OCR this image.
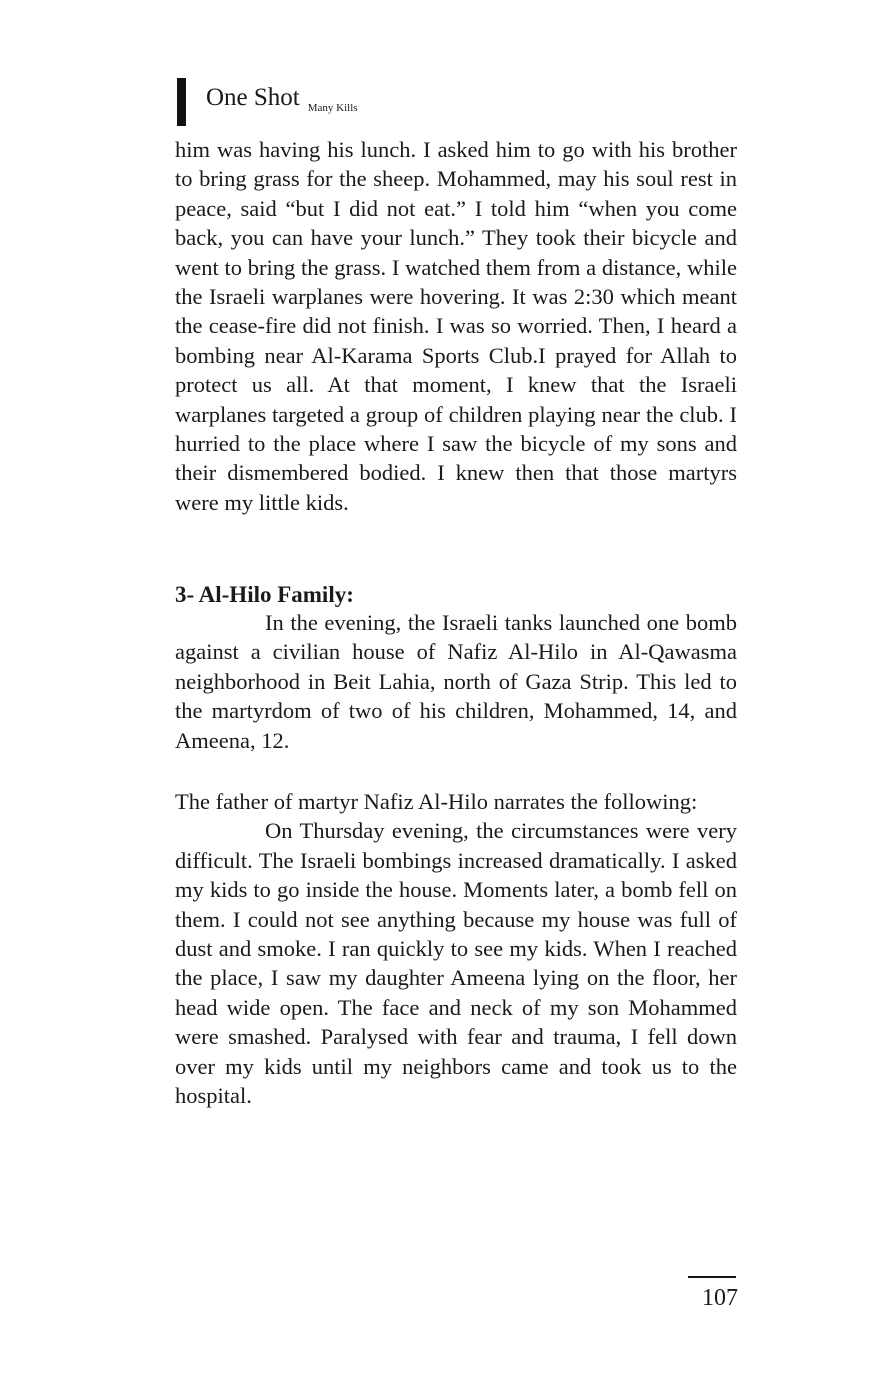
One Shot Many Kills

him was having his lunch. I asked him to go with his brother to bring grass for the sheep. Mohammed, may his soul rest in peace, said “but I did not eat.” I told him “when you come back, you can have your lunch.” They took their bicycle and went to bring the grass. I watched them from a distance, while the Israeli warplanes were hovering. It was 2:30 which meant the cease-fire did not finish. I was so worried. Then, I heard a bombing near Al-Karama Sports Club.I prayed for Allah to protect us all. At that moment, I knew that the Israeli warplanes targeted a group of children playing near the club. I hurried to the place where I saw the bicycle of my sons and their dismembered bodied. I knew then that those martyrs were my little kids.

3- Al-Hilo Family:

In the evening, the Israeli tanks launched one bomb against a civilian house of Nafiz Al-Hilo in Al-Qawasma neighborhood in Beit Lahia, north of Gaza Strip. This led to the martyrdom of two of his children, Mohammed, 14, and Ameena, 12.

The father of martyr Nafiz Al-Hilo narrates the following:

On Thursday evening, the circumstances were very difficult. The Israeli bombings increased dramatically. I asked my kids to go inside the house. Moments later, a bomb fell on them. I could not see anything because my house was full of dust and smoke. I ran quickly to see my kids. When I reached the place, I saw my daughter Ameena lying on the floor, her head wide open. The face and neck of my son Mohammed were smashed. Paralysed with fear and trauma, I fell down over my kids until my neighbors came and took us to the hospital.

107
